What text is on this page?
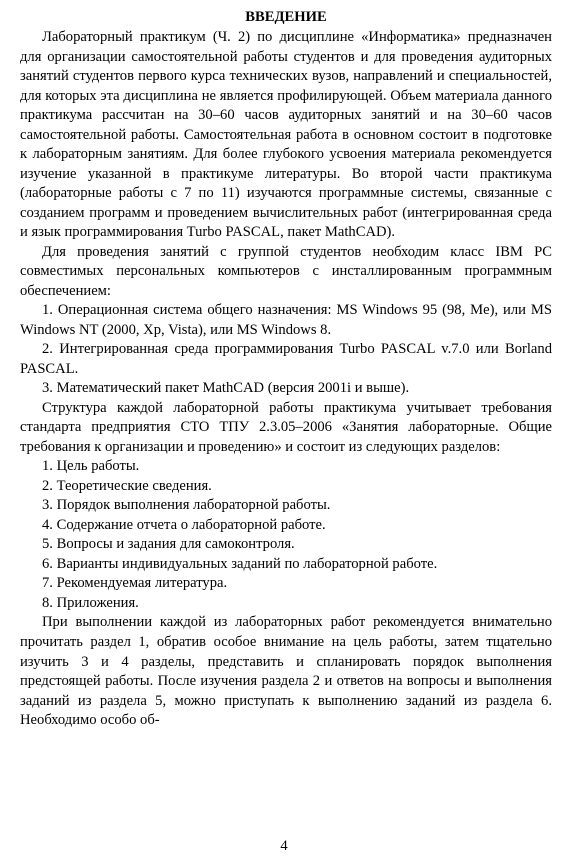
ВВЕДЕНИЕ

Лабораторный практикум (Ч. 2) по дисциплине «Информатика» предназначен для организации самостоятельной работы студентов и для проведения аудиторных занятий студентов первого курса технических вузов, направлений и специальностей, для которых эта дисциплина не является профилирующей. Объем материала данного практикума рассчитан на 30–60 часов аудиторных занятий и на 30–60 часов самостоятельной работы. Самостоятельная работа в основном состоит в подготовке к лабораторным занятиям. Для более глубокого усвоения материала рекомендуется изучение указанной в практикуме литературы. Во второй части практикума (лабораторные работы с 7 по 11) изучаются программные системы, связанные с созданием программ и проведением вычислительных работ (интегрированная среда и язык программирования Turbo PASCAL, пакет MathCAD).

Для проведения занятий с группой студентов необходим класс IBM PC совместимых персональных компьютеров с инсталлированным программным обеспечением:

1. Операционная система общего назначения: MS Windows 95 (98, Me), или MS Windows NT (2000, Xp, Vista), или MS Windows 8.

2. Интегрированная среда программирования Turbo PASCAL v.7.0 или Borland PASCAL.

3. Математический пакет MathCAD (версия 2001i и выше).

Структура каждой лабораторной работы практикума учитывает требования стандарта предприятия СТО ТПУ 2.3.05–2006 «Занятия лабораторные. Общие требования к организации и проведению» и состоит из следующих разделов:

1. Цель работы.

2. Теоретические сведения.

3. Порядок выполнения лабораторной работы.

4. Содержание отчета о лабораторной работе.

5. Вопросы и задания для самоконтроля.

6. Варианты индивидуальных заданий по лабораторной работе.

7. Рекомендуемая литература.

8. Приложения.

При выполнении каждой из лабораторных работ рекомендуется внимательно прочитать раздел 1, обратив особое внимание на цель работы, затем тщательно изучить 3 и 4 разделы, представить и спланировать порядок выполнения предстоящей работы. После изучения раздела 2 и ответов на вопросы и выполнения заданий из раздела 5, можно приступать к выполнению заданий из раздела 6. Необходимо особо об-

4
